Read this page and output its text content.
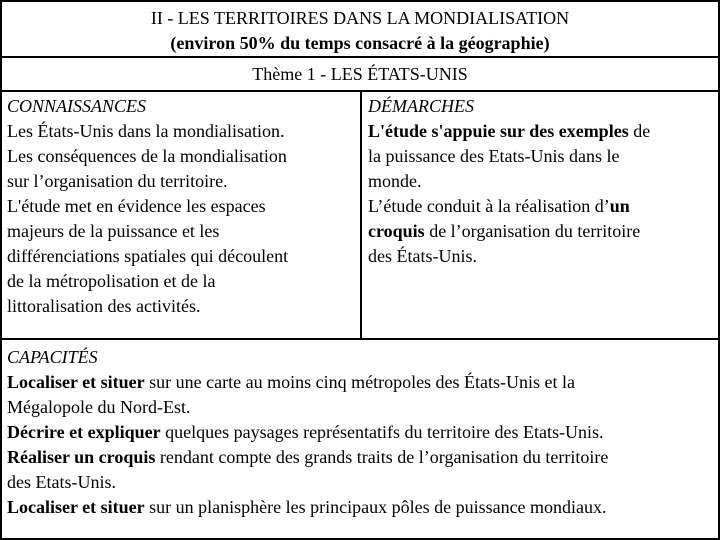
II - LES TERRITOIRES DANS LA MONDIALISATION
(environ 50% du temps consacré à la géographie)
Thème 1 - LES ÉTATS-UNIS
CONNAISSANCES
Les États-Unis dans la mondialisation.
Les conséquences de la mondialisation
sur l’organisation du territoire.
L'étude met en évidence les espaces
majeurs de la puissance et les
différenciations spatiales qui découlent
de la métropolisation et de la
littoralisation des activités.
DÉMARCHES
L'étude s'appuie sur des exemples de
la puissance des Etats-Unis dans le
monde.
L’étude conduit à la réalisation d’un
croquis de l’organisation du territoire
des États-Unis.
CAPACITÉS
Localiser et situer sur une carte au moins cinq métropoles des États-Unis et la
Mégalopole du Nord-Est.
Décrire et expliquer quelques paysages représentatifs du territoire des Etats-Unis.
Réaliser un croquis rendant compte des grands traits de l’organisation du territoire
des Etats-Unis.
Localiser et situer sur un planisphère les principaux pôles de puissance mondiaux.
